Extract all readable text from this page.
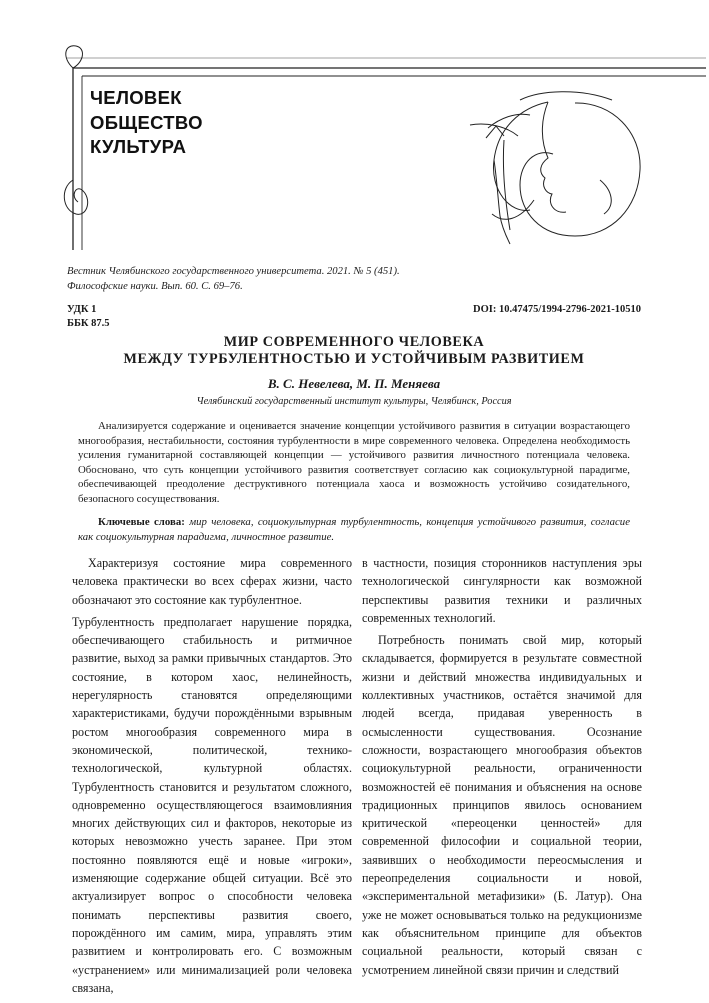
ЧЕЛОВЕК
ОБЩЕСТВО
КУЛЬТУРА
Вестник Челябинского государственного университета. 2021. № 5 (451).
Философские науки. Вып. 60. С. 69–76.
УДК 1
ББК 87.5
DOI: 10.47475/1994-2796-2021-10510
МИР СОВРЕМЕННОГО ЧЕЛОВЕКА
МЕЖДУ ТУРБУЛЕНТНОСТЬЮ И УСТОЙЧИВЫМ РАЗВИТИЕМ
В. С. Невелева, М. П. Меняева
Челябинский государственный институт культуры, Челябинск, Россия

Анализируется содержание и оценивается значение концепции устойчивого развития в ситуации возрастающего многообразия, нестабильности, состояния турбулентности в мире современного человека. Определена необходимость усиления гуманитарной составляющей концепции — устойчивого развития личностного потенциала человека. Обосновано, что суть концепции устойчивого развития соответствует согласию как социокультурной парадигме, обеспечивающей преодоление деструктивного потенциала хаоса и возможность устойчиво созидательного, безопасного сосуществования.

Ключевые слова: мир человека, социокультурная турбулентность, концепция устойчивого развития, согласие как социокультурная парадигма, личностное развитие.

Характеризуя состояние мира современного человека практически во всех сферах жизни, часто обозначают это состояние как турбулентное.

Турбулентность предполагает нарушение порядка, обеспечивающего стабильность и ритмичное развитие, выход за рамки привычных стандартов. Это состояние, в котором хаос, нелинейность, нерегулярность становятся определяющими характеристиками, будучи порождёнными взрывным ростом многообразия современного мира в экономической, политической, технико-технологической, культурной областях. Турбулентность становится и результатом сложного, одновременно осуществляющегося взаимовлияния многих действующих сил и факторов, некоторые из которых невозможно учесть заранее. При этом постоянно появляются ещё и новые «игроки», изменяющие содержание общей ситуации. Всё это актуализирует вопрос о способности человека понимать перспективы развития своего, порождённого им самим, мира, управлять этим развитием и контролировать его. С возможным «устранением» или минимализацией роли человека связана,

в частности, позиция сторонников наступления эры технологической сингулярности как возможной перспективы развития техники и различных современных технологий.

Потребность понимать свой мир, который складывается, формируется в результате совместной жизни и действий множества индивидуальных и коллективных участников, остаётся значимой для людей всегда, придавая уверенность в осмысленности существования. Осознание сложности, возрастающего многообразия объектов социокультурной реальности, ограниченности возможностей её понимания и объяснения на основе традиционных принципов явилось основанием критической «переоценки ценностей» для современной философии и социальной теории, заявивших о необходимости переосмысления и переопределения социальности и новой, «экспериментальной метафизики» (Б. Латур). Она уже не может основываться только на редукционизме как объяснительном принципе для объектов социальной реальности, который связан с усмотрением линейной связи причин и следствий
